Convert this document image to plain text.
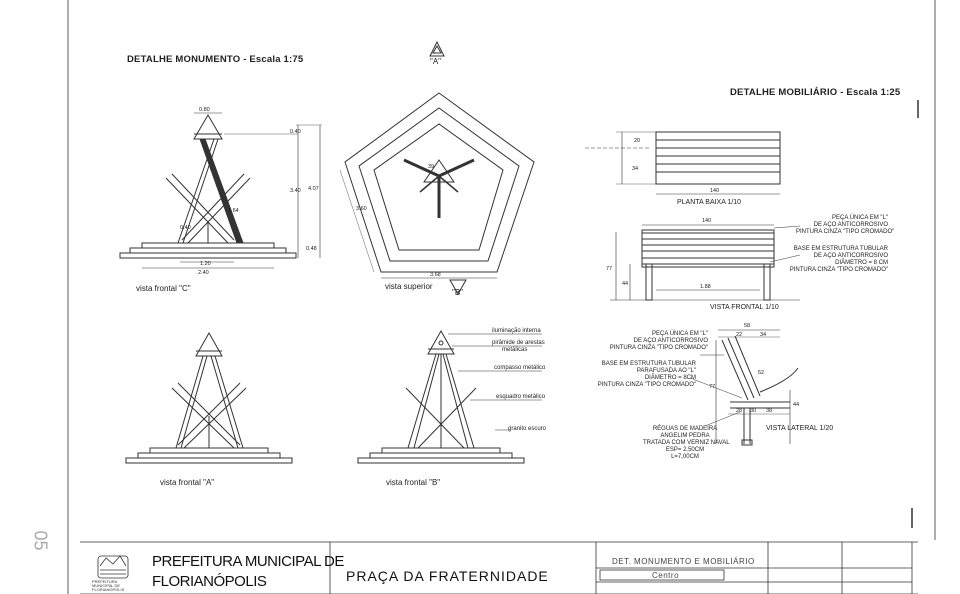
0.80
0.40
4.07
3.40
0.48
1.20
1.64
2.40
0.40
3.60
3.68
39
140
20
34
140
1.88
77
44
58
22	34
28	38
77
44
30
52
DETALHE MONUMENTO - Escala 1:75
DETALHE MOBILIÁRIO - Escala 1:25
"A"
"B"
vista frontal "C"	vista superior
vista frontal "A"	vista frontal "B"
PLANTA BAIXA 1/10
VISTA FRONTAL 1/10
VISTA LATERAL 1/20
iluminação interna
pirâmide de arestas
metálicas
compasso metálico
esquadro metálico
granito escuro
PEÇA ÚNICA EM "L"
DE AÇO ANTICORROSIVO
PINTURA CINZA "TIPO CROMADO"
BASE EM ESTRUTURA TUBULAR
DE AÇO ANTICORROSIVO
DIÂMETRO = 8 CM
PINTURA CINZA "TIPO CROMADO"
PEÇA ÚNICA EM "L"
DE AÇO ANTICORROSIVO
PINTURA CINZA "TIPO CROMADO"
BASE EM ESTRUTURA TUBULAR
PARAFUSADA AO "L"
DIÂMETRO = 8CM
PINTURA CINZA "TIPO CROMADO"
RÉGUAS DE MADEIRA
ANGELIM PEDRA
TRATADA COM VERNIZ NAVAL
ESP= 2.50CM
L=7,00CM
05
PREFEITURA MUNICIPAL DE FLORIANÓPOLIS
PREFEITURA MUNICIPAL DE
FLORIANÓPOLIS	PRAÇA DA FRATERNIDADE
DET. MONUMENTO E MOBILIÁRIO
Centro
